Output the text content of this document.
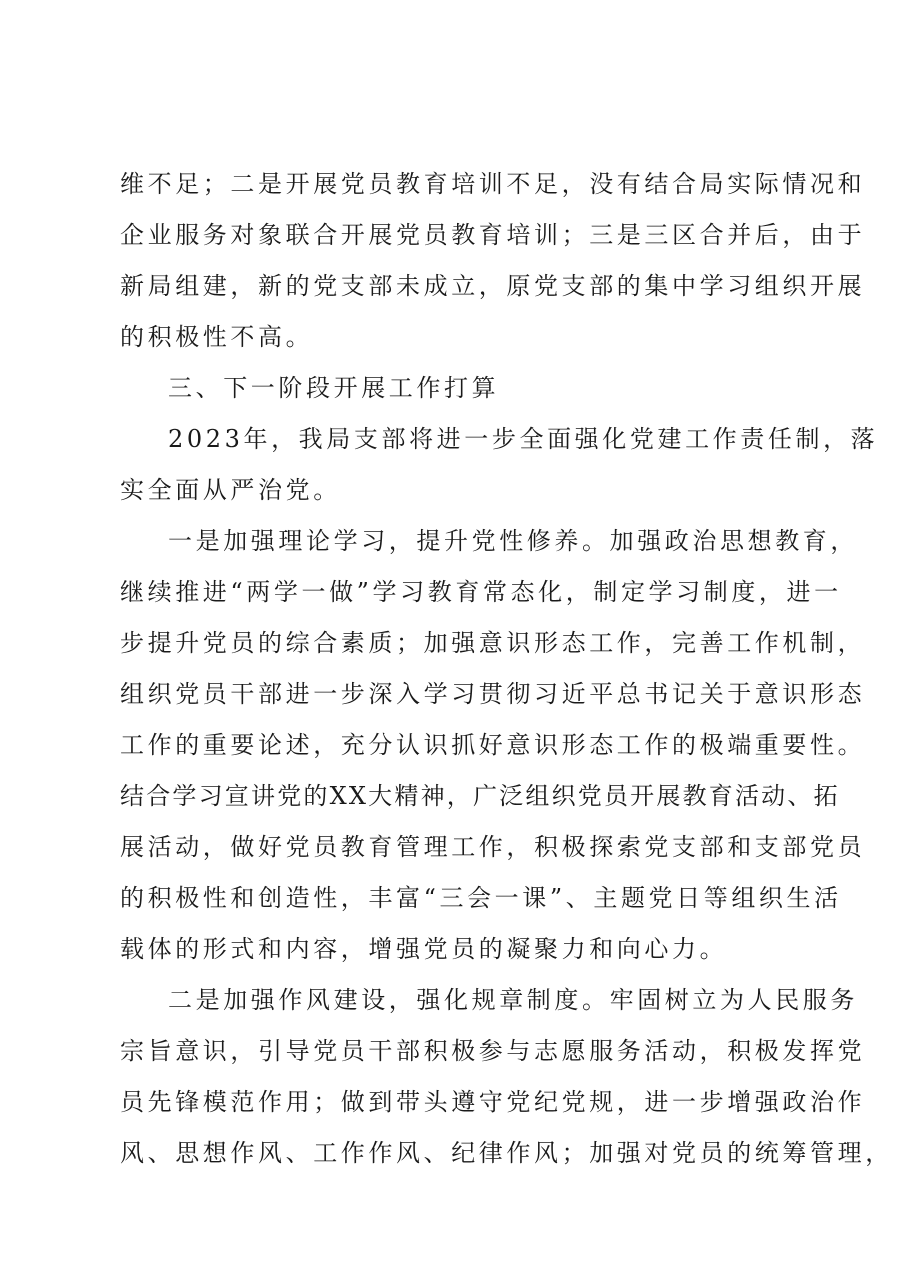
维不足；二是开展党员教育培训不足，没有结合局实际情况和
企业服务对象联合开展党员教育培训；三是三区合并后，由于
新局组建，新的党支部未成立，原党支部的集中学习组织开展
的积极性不高。
三、下一阶段开展工作打算
2023年，我局支部将进一步全面强化党建工作责任制，落
实全面从严治党。
一是加强理论学习，提升党性修养。加强政治思想教育，
继续推进“两学一做”学习教育常态化，制定学习制度，进一
步提升党员的综合素质；加强意识形态工作，完善工作机制，
组织党员干部进一步深入学习贯彻习近平总书记关于意识形态
工作的重要论述，充分认识抓好意识形态工作的极端重要性。
结合学习宣讲党的XX大精神，广泛组织党员开展教育活动、拓
展活动，做好党员教育管理工作，积极探索党支部和支部党员
的积极性和创造性，丰富“三会一课”、主题党日等组织生活
载体的形式和内容，增强党员的凝聚力和向心力。
二是加强作风建设，强化规章制度。牢固树立为人民服务
宗旨意识，引导党员干部积极参与志愿服务活动，积极发挥党
员先锋模范作用；做到带头遵守党纪党规，进一步增强政治作
风、思想作风、工作作风、纪律作风；加强对党员的统筹管理，
